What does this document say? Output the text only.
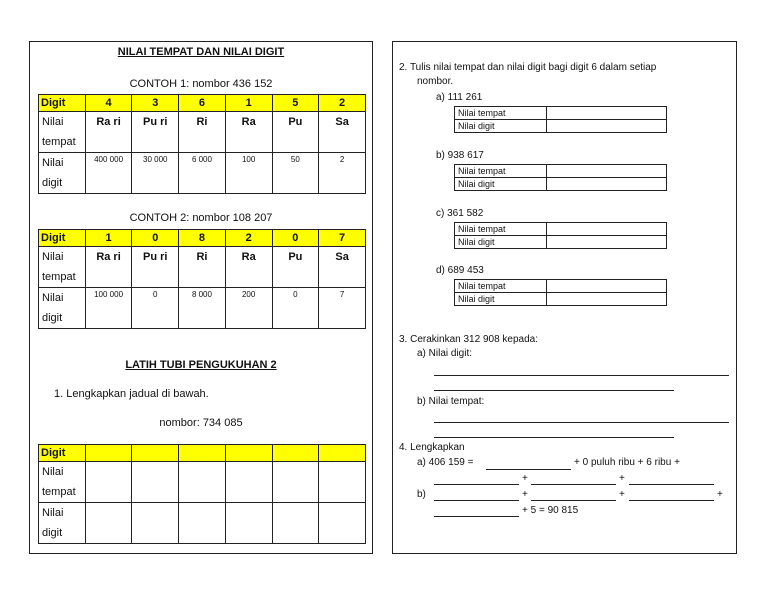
NILAI TEMPAT DAN NILAI DIGIT
CONTOH 1: nombor 436 152
Digit	4	3	6	1	5	2
Nilai
tempat	Ra ri	Pu ri	Ri	Ra	Pu	Sa
Nilai
digit	400 000	30 000	6 000	100	50	2
CONTOH 2: nombor 108 207
Digit	1	0	8	2	0	7
Nilai
tempat	Ra ri	Pu ri	Ri	Ra	Pu	Sa
Nilai
digit	100 000	0	8 000	200	0	7
LATIH TUBI PENGUKUHAN 2
1. Lengkapkan jadual di bawah.
nombor: 734 085
Digit						
Nilai
tempat						
Nilai
digit						
2. Tulis nilai tempat dan nilai digit bagi digit 6 dalam setiap
nombor.
a) 111 261
Nilai tempat	
Nilai digit	
b) 938 617
Nilai tempat	
Nilai digit	
c) 361 582
Nilai tempat	
Nilai digit	
d) 689 453
Nilai tempat	
Nilai digit	
3. Cerakinkan 312 908 kepada:
a) Nilai digit:
b) Nilai tempat:
4. Lengkapkan
a) 406 159 =	+ 0 puluh ribu + 6 ribu +
+	+
b)	+	+	+
+ 5 = 90 815
